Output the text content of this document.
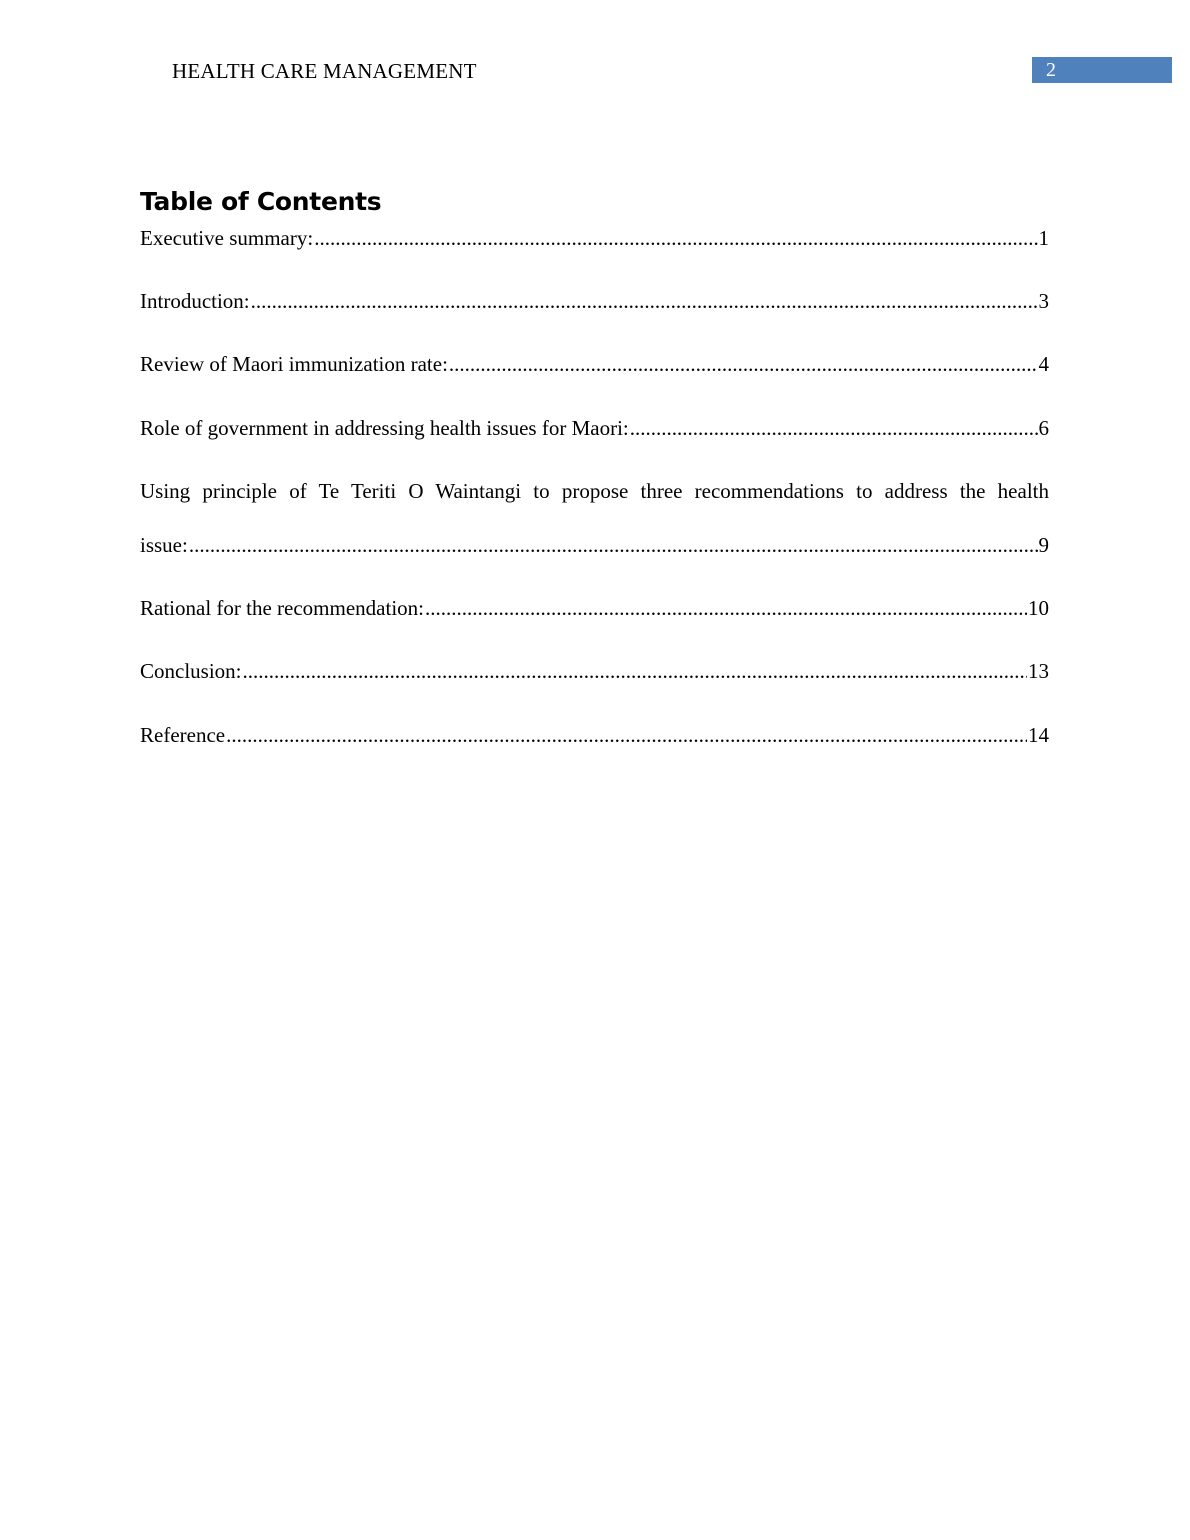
HEALTH CARE MANAGEMENT	2
Table of Contents
Executive summary: .....	1
Introduction: .....	3
Review of Maori immunization rate: .....	4
Role of government in addressing health issues for Maori: .....	6
Using principle of Te Teriti O Waintangi to propose three recommendations to address the health
issue: .....	9
Rational for the recommendation: .....	10
Conclusion: .....	13
Reference .....	14
